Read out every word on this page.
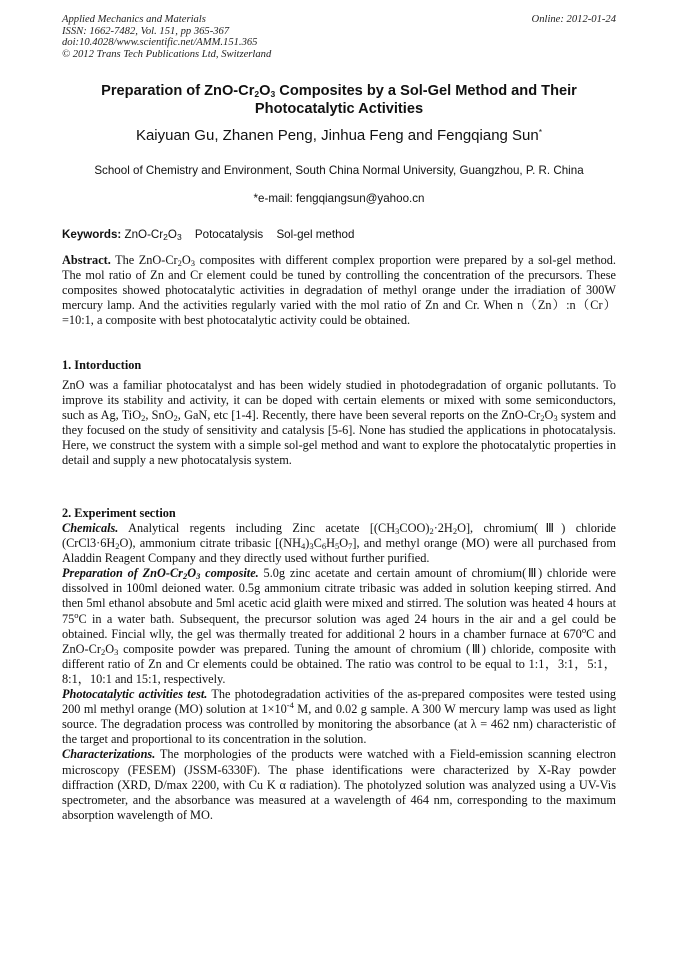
Applied Mechanics and Materials	Online: 2012-01-24
ISSN: 1662-7482, Vol. 151, pp 365-367
doi:10.4028/www.scientific.net/AMM.151.365
© 2012 Trans Tech Publications Ltd, Switzerland
Preparation of ZnO-$Cr_2O_3$ Composites by a Sol-Gel Method and Their
Photocatalytic Activities
Kaiyuan Gu, Zhanen Peng, Jinhua Feng and Fengqiang Sun*
School of Chemistry and Environment, South China Normal University, Guangzhou, P. R. China
*e-mail: fengqiangsun@yahoo.cn
Keywords: ZnO-$Cr_2O_3$ Potocatalysis Sol-gel method
Abstract. The ZnO-$Cr_2O_3$ composites with different complex proportion were prepared by a sol-gel method. The mol ratio of Zn and Cr element could be tuned by controlling the concentration of the precursors. These composites showed photocatalytic activities in degradation of methyl orange under the irradiation of 300W mercury lamp. And the activities regularly varied with the mol ratio of Zn and Cr. When n（Zn）:n（Cr）=10:1, a composite with best photocatalytic activity could be obtained.
1. Intorduction
ZnO was a familiar photocatalyst and has been widely studied in photodegradation of organic pollutants. To improve its stability and activity, it can be doped with certain elements or mixed with some semiconductors, such as Ag, TiO$_2$, SnO$_2$, GaN, etc [1-4]. Recently, there have been several reports on the ZnO-$Cr_2O_3$ system and they focused on the study of sensitivity and catalysis [5-6]. None has studied the applications in photocatalysis. Here, we construct the system with a simple sol-gel method and want to explore the photocatalytic properties in detail and supply a new photocatalysis system.
2. Experiment section
Chemicals. Analytical regents including Zinc acetate $[(CH_3COO)_2\cdot 2H_2O]$, chromium(Ⅲ) chloride $(CrCl3\cdot 6H_2O)$, ammonium citrate tribasic $[(NH_4)_3C_6H_5O_7]$, and methyl orange (MO) were all purchased from Aladdin Reagent Company and they directly used without further purified.
Preparation of ZnO-$Cr_2O_3$ composite. 5.0g zinc acetate and certain amount of chromium(Ⅲ) chloride were dissolved in 100ml deioned water. 0.5g ammonium citrate tribasic was added in solution keeping stirred. And then 5ml ethanol absobute and 5ml acetic acid glaith were mixed and stirred. The solution was heated 4 hours at 75$^o$C in a water bath. Subsequent, the precursor solution was aged 24 hours in the air and a gel could be obtained. Fincial wlly, the gel was thermally treated for additional 2 hours in a chamber furnace at 670$^o$C and ZnO-$Cr_2O_3$ composite powder was prepared. Tuning the amount of chromium (Ⅲ) chloride, composite with different ratio of Zn and Cr elements could be obtained. The ratio was control to be equal to 1:1，3:1，5:1，8:1，10:1 and 15:1, respectively.
Photocatalytic activities test. The photodegradation activities of the as-prepared composites were tested using 200 ml methyl orange (MO) solution at $1\times 10^{-4}$ M, and 0.02 g sample. A 300 W mercury lamp was used as light source. The degradation process was controlled by monitoring the absorbance (at λ = 462 nm) characteristic of the target and proportional to its concentration in the solution.
Characterizations. The morphologies of the products were watched with a Field-emission scanning electron microscopy (FESEM) (JSSM-6330F). The phase identifications were characterized by X-Ray powder diffraction (XRD, D/max 2200, with Cu K α radiation). The photolyzed solution was analyzed using a UV-Vis spectrometer, and the absorbance was measured at a wavelength of 464 nm, corresponding to the maximum absorption wavelength of MO.
